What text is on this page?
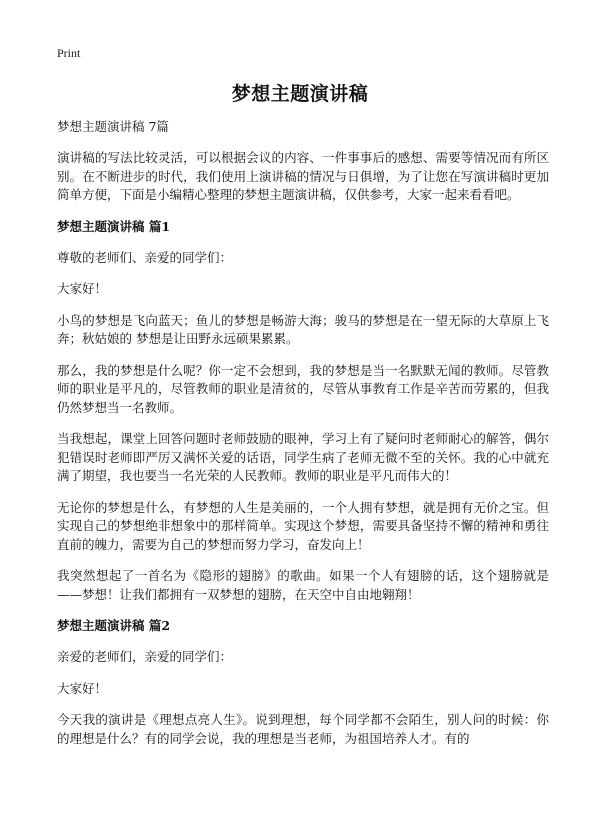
Print
梦想主题演讲稿
梦想主题演讲稿 7篇

演讲稿的写法比较灵活，可以根据会议的内容、一件事事后的感想、需要等情况而有所区别。在不断进步的时代，我们使用上演讲稿的情况与日俱增，为了让您在写演讲稿时更加简单方便，下面是小编精心整理的梦想主题演讲稿，仅供参考，大家一起来看看吧。

梦想主题演讲稿 篇1

尊敬的老师们、亲爱的同学们：

大家好！

小鸟的梦想是飞向蓝天；鱼儿的梦想是畅游大海；骏马的梦想是在一望无际的大草原上飞奔；秋姑娘的 梦想是让田野永远硕果累累。

那么，我的梦想是什么呢？你一定不会想到，我的梦想是当一名默默无闻的教师。尽管教师的职业是平凡的，尽管教师的职业是清贫的，尽管从事教育工作是辛苦而劳累的，但我仍然梦想当一名教师。

当我想起，课堂上回答问题时老师鼓励的眼神，学习上有了疑问时老师耐心的解答，偶尔犯错误时老师即严厉又满怀关爱的话语，同学生病了老师无微不至的关怀。我的心中就充满了期望，我也要当一名光荣的人民教师。教师的职业是平凡而伟大的！

无论你的梦想是什么，有梦想的人生是美丽的，一个人拥有梦想，就是拥有无价之宝。但实现自己的梦想绝非想象中的那样简单。实现这个梦想，需要具备坚持不懈的精神和勇往直前的魄力，需要为自己的梦想而努力学习，奋发向上！

我突然想起了一首名为《隐形的翅膀》的歌曲。如果一个人有翅膀的话，这个翅膀就是——梦想！让我们都拥有一双梦想的翅膀，在天空中自由地翱翔！

梦想主题演讲稿 篇2

亲爱的老师们，亲爱的同学们：

大家好！

今天我的演讲是《理想点亮人生》。说到理想，每个同学都不会陌生，别人问的时候：你的理想是什么？有的同学会说，我的理想是当老师，为祖国培养人才。有的
